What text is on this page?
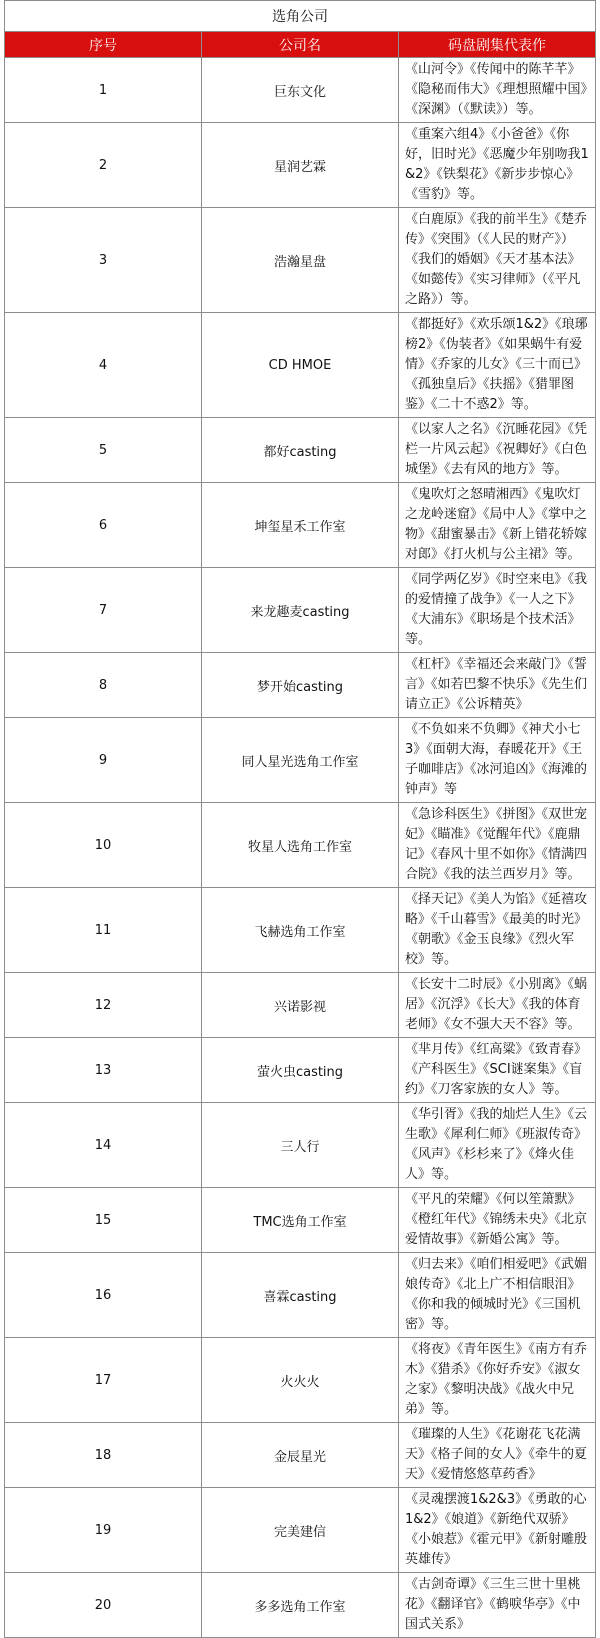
选角公司		
序号	公司名	码盘剧集代表作
1	巨东文化	《山河令》《传闻中的陈芊芊》《隐秘而伟大》《理想照耀中国》《深渊》（《默读》）等。
2	星润艺霖	《重案六组4》《小爸爸》《你好，旧时光》《恶魔少年别吻我1&2》《铁梨花》《新步步惊心》《雪豹》等。
3	浩瀚星盘	《白鹿原》《我的前半生》《楚乔传》《突围》（《人民的财产》）《我们的婚姻》《天才基本法》《如懿传》《实习律师》（《平凡之路》）等。
4	CD HMOE	《都挺好》《欢乐颂1&2》《琅琊榜2》《伪装者》《如果蜗牛有爱情》《乔家的儿女》《三十而已》《孤独皇后》《扶摇》《猎罪图鉴》《二十不惑2》等。
5	都好casting	《以家人之名》《沉睡花园》《凭栏一片风云起》《祝卿好》《白色城堡》《去有风的地方》等。
6	坤玺星禾工作室	《鬼吹灯之怒晴湘西》《鬼吹灯之龙岭迷窟》《局中人》《掌中之物》《甜蜜暴击》《新上错花轿嫁对郎》《打火机与公主裙》等。
7	来龙趣麦casting	《同学两亿岁》《时空来电》《我的爱情撞了战争》《一人之下》《大浦东》《职场是个技术活》等。
8	梦开始casting	《杠杆》《幸福还会来敲门》《誓言》《如若巴黎不快乐》《先生们请立正》《公诉精英》
9	同人星光选角工作室	《不负如来不负卿》《神犬小七3》《面朝大海，春暖花开》《王子咖啡店》《冰河追凶》《海滩的钟声》等
10	牧星人选角工作室	《急诊科医生》《拼图》《双世宠妃》《瞄准》《觉醒年代》《鹿鼎记》《春风十里不如你》《情满四合院》《我的法兰西岁月》等。
11	飞赫选角工作室	《择天记》《美人为馅》《延禧攻略》《千山暮雪》《最美的时光》《朝歌》《金玉良缘》《烈火军校》等。
12	兴诺影视	《长安十二时辰》《小别离》《蜗居》《沉浮》《长大》《我的体育老师》《女不强大天不容》等。
13	萤火虫casting	《芈月传》《红高粱》《致青春》《产科医生》《SCI谜案集》《盲约》《刀客家族的女人》等。
14	三人行	《华引胥》《我的灿烂人生》《云生歌》《犀利仁师》《班淑传奇》《风声》《杉杉来了》《烽火佳人》等。
15	TMC选角工作室	《平凡的荣耀》《何以笙箫默》《橙红年代》《锦绣未央》《北京爱情故事》《新婚公寓》等。
16	喜霖casting	《归去来》《咱们相爱吧》《武媚娘传奇》《北上广不相信眼泪》《你和我的倾城时光》《三国机密》等。
17	火火火	《将夜》《青年医生》《南方有乔木》《猎杀》《你好乔安》《淑女之家》《黎明决战》《战火中兄弟》等。
18	金辰星光	《璀璨的人生》《花谢花飞花满天》《格子间的女人》《牵牛的夏天》《爱情悠悠草药香》
19	完美建信	《灵魂摆渡1&2&3》《勇敢的心1&2》《娘道》《新绝代双骄》《小娘惹》《霍元甲》《新射雕殷英雄传》
20	多多选角工作室	《古剑奇谭》《三生三世十里桃花》《翻译官》《鹤唳华亭》《中国式关系》
